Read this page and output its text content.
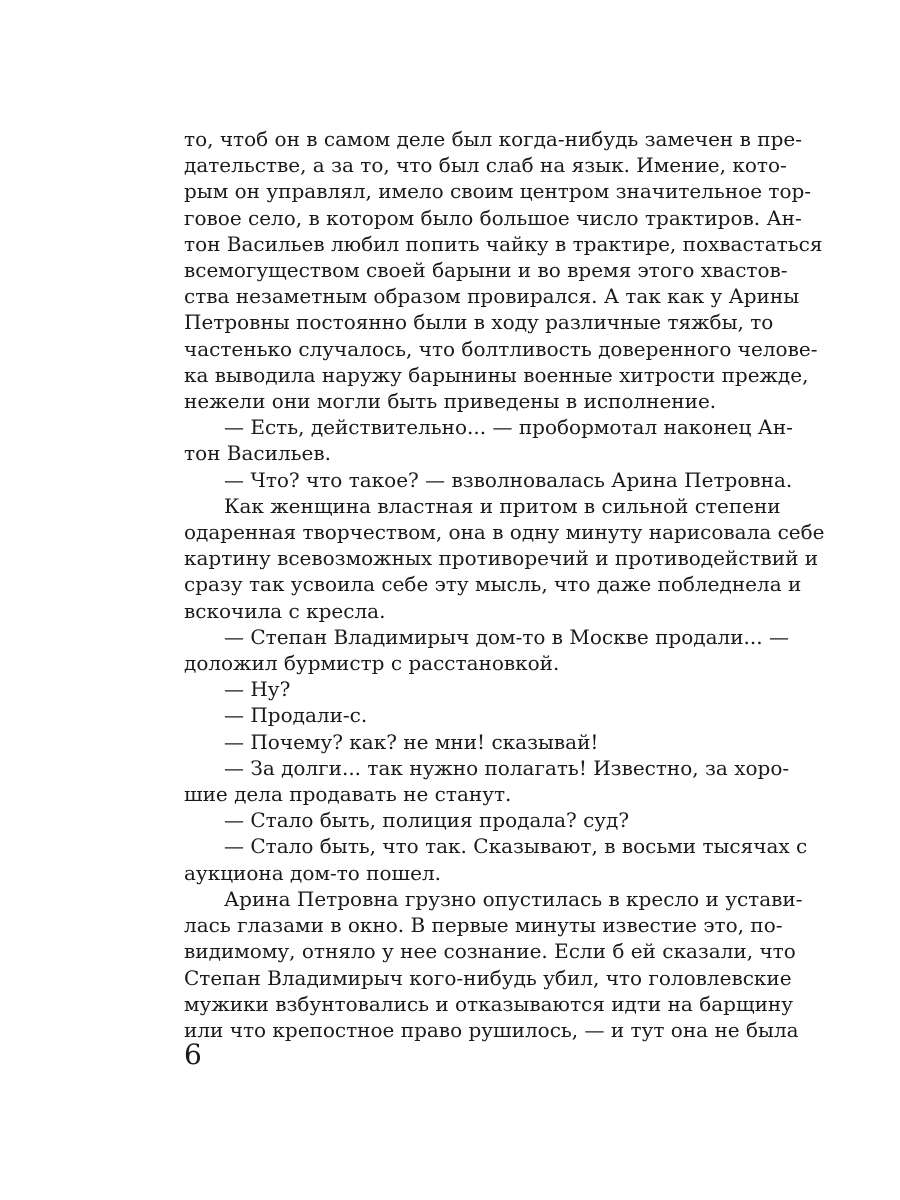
то, чтоб он в самом деле был когда-нибудь замечен в пре-
дательстве, а за то, что был слаб на язык. Имение, кото-
рым он управлял, имело своим центром значительное тор-
говое село, в котором было большое число трактиров. Ан-
тон Васильев любил попить чайку в трактире, похвастаться
всемогуществом своей барыни и во время этого хвастов-
ства незаметным образом провирался. А так как у Арины
Петровны постоянно были в ходу различные тяжбы, то
частенько случалось, что болтливость доверенного челове-
ка выводила наружу барынины военные хитрости прежде,
нежели они могли быть приведены в исполнение.
— Есть, действительно... — пробормотал наконец Ан-
тон Васильев.
— Что? что такое? — взволновалась Арина Петровна.
Как женщина властная и притом в сильной степени
одаренная творчеством, она в одну минуту нарисовала себе
картину всевозможных противоречий и противодействий и
сразу так усвоила себе эту мысль, что даже побледнела и
вскочила с кресла.
— Степан Владимирыч дом-то в Москве продали... —
доложил бурмистр с расстановкой.
— Ну?
— Продали-с.
— Почему? как? не мни! сказывай!
— За долги... так нужно полагать! Известно, за хоро-
шие дела продавать не станут.
— Стало быть, полиция продала? суд?
— Стало быть, что так. Сказывают, в восьми тысячах с
аукциона дом-то пошел.
Арина Петровна грузно опустилась в кресло и устави-
лась глазами в окно. В первые минуты известие это, по-
видимому, отняло у нее сознание. Если б ей сказали, что
Степан Владимирыч кого-нибудь убил, что головлевские
мужики взбунтовались и отказываются идти на барщину
или что крепостное право рушилось, — и тут она не была
6
